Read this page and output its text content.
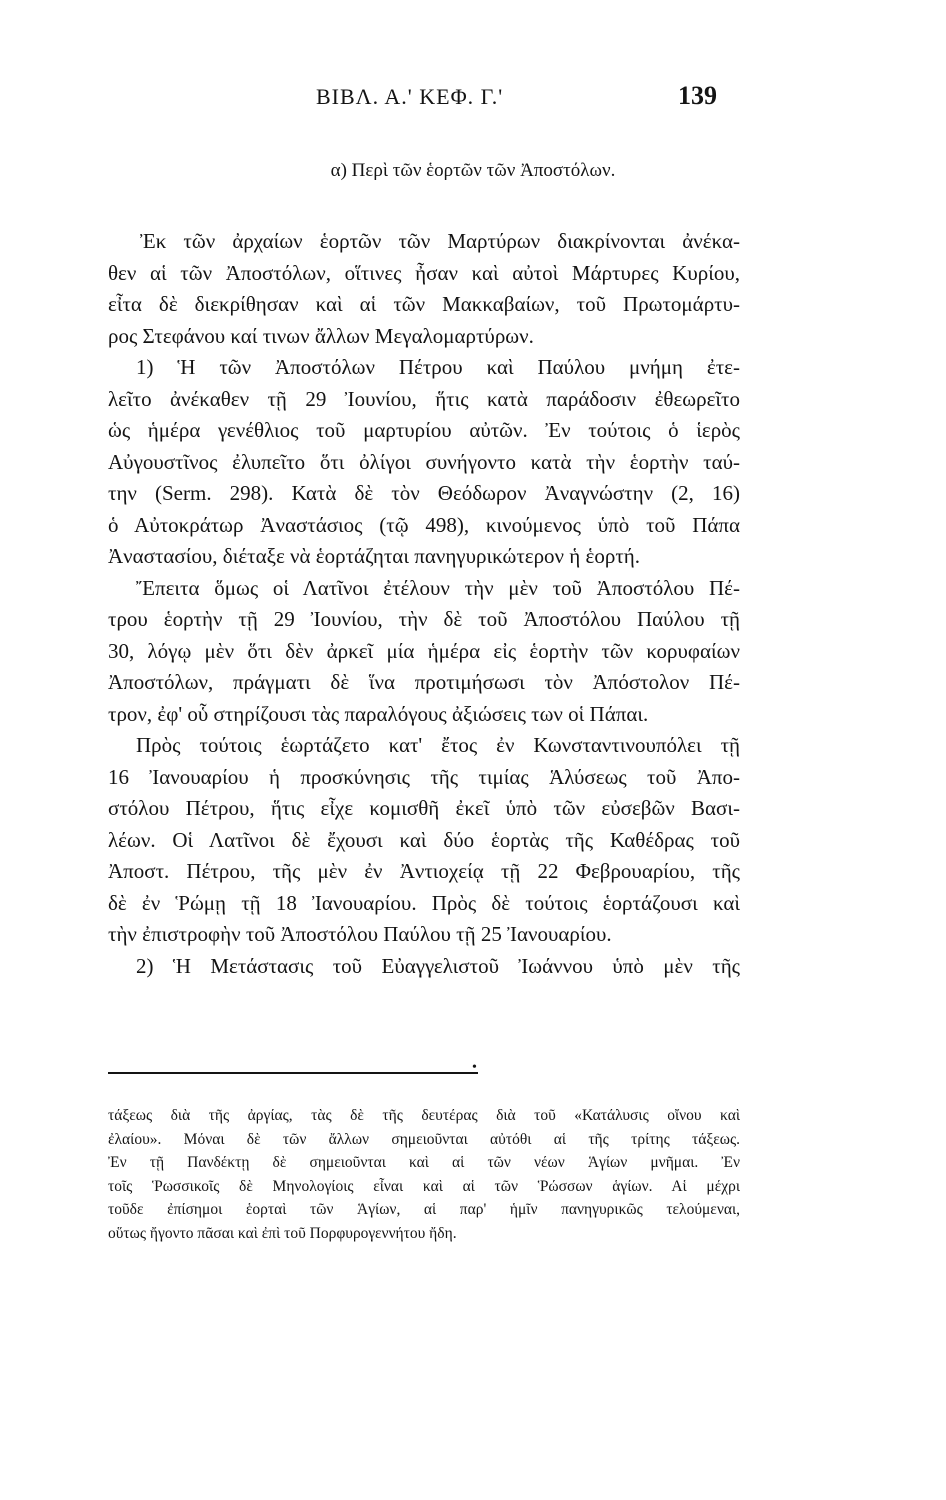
ΒΙΒΛ. Α.' ΚΕΦ. Γ.'	139
α) Περὶ τῶν ἑορτῶν τῶν Ἀποστόλων.
Ἐκ τῶν ἀρχαίων ἑορτῶν τῶν Μαρτύρων διακρίνονται ἀνέκα-
θεν αἱ τῶν Ἀποστόλων, οἵτινες ἦσαν καὶ αὐτοὶ Μάρτυρες Κυρίου,
εἶτα δὲ διεκρίθησαν καὶ αἱ τῶν Μακκαβαίων, τοῦ Πρωτομάρτυ-
ρος Στεφάνου καί τινων ἄλλων Μεγαλομαρτύρων.
1) Ἡ τῶν Ἀποστόλων Πέτρου καὶ Παύλου μνήμη ἐτε-
λεῖτο ἀνέκαθεν τῇ 29 Ἰουνίου, ἥτις κατὰ παράδοσιν ἐθεωρεῖτο
ὡς ἡμέρα γενέθλιος τοῦ μαρτυρίου αὐτῶν. Ἐν τούτοις ὁ ἱερὸς
Αὐγουστῖνος ἐλυπεῖτο ὅτι ὀλίγοι συνήγοντο κατὰ τὴν ἑορτὴν ταύ-
την (Serm. 298). Κατὰ δὲ τὸν Θεόδωρον Ἀναγνώστην (2, 16)
ὁ Αὐτοκράτωρ Ἀναστάσιος (τῷ 498), κινούμενος ὑπὸ τοῦ Πάπα
Ἀναστασίου, διέταξε νὰ ἑορτάζηται πανηγυρικώτερον ἡ ἑορτή.
Ἔπειτα ὅμως οἱ Λατῖνοι ἐτέλουν τὴν μὲν τοῦ Ἀποστόλου Πέ-
τρου ἑορτὴν τῇ 29 Ἰουνίου, τὴν δὲ τοῦ Ἀποστόλου Παύλου τῇ
30, λόγῳ μὲν ὅτι δὲν ἀρκεῖ μία ἡμέρα εἰς ἑορτὴν τῶν κορυφαίων
Ἀποστόλων, πράγματι δὲ ἵνα προτιμήσωσι τὸν Ἀπόστολον Πέ-
τρον, ἐφ' οὗ στηρίζουσι τὰς παραλόγους ἀξιώσεις των οἱ Πάπαι.
Πρὸς τούτοις ἑωρτάζετο κατ' ἔτος ἐν Κωνσταντινουπόλει τῇ
16 Ἰανουαρίου ἡ προσκύνησις τῆς τιμίας Ἁλύσεως τοῦ Ἀπο-
στόλου Πέτρου, ἥτις εἶχε κομισθῆ ἐκεῖ ὑπὸ τῶν εὐσεβῶν Βασι-
λέων. Οἱ Λατῖνοι δὲ ἔχουσι καὶ δύο ἑορτὰς τῆς Καθέδρας τοῦ
Ἀποστ. Πέτρου, τῆς μὲν ἐν Ἀντιοχείᾳ τῇ 22 Φεβρουαρίου, τῆς
δὲ ἐν Ῥώμῃ τῇ 18 Ἰανουαρίου. Πρὸς δὲ τούτοις ἑορτάζουσι καὶ
τὴν ἐπιστροφὴν τοῦ Ἀποστόλου Παύλου τῇ 25 Ἰανουαρίου.
2) Ἡ Μετάστασις τοῦ Εὐαγγελιστοῦ Ἰωάννου ὑπὸ μὲν τῆς
•
τάξεως διὰ τῆς ἀργίας, τὰς δὲ τῆς δευτέρας διὰ τοῦ «Κατάλυσις οἴνου καὶ
ἐλαίου». Μόναι δὲ τῶν ἄλλων σημειοῦνται αὐτόθι αἱ τῆς τρίτης τάξεως.
Ἐν τῇ Πανδέκτῃ δὲ σημειοῦνται καὶ αἱ τῶν νέων Ἁγίων μνῆμαι. Ἐν
τοῖς Ῥωσσικοῖς δὲ Μηνολογίοις εἶναι καὶ αἱ τῶν Ῥώσσων ἁγίων. Αἱ μέχρι
τοῦδε ἐπίσημοι ἑορταὶ τῶν Ἁγίων, αἱ παρ' ἡμῖν πανηγυρικῶς τελούμεναι,
οὕτως ἤγοντο πᾶσαι καὶ ἐπὶ τοῦ Πορφυρογεννήτου ἤδη.
